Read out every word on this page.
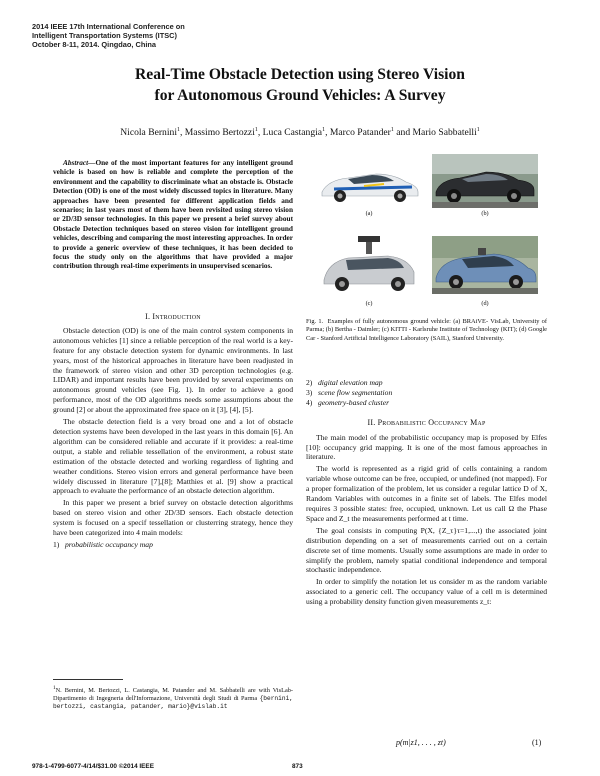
2014 IEEE 17th International Conference on
Intelligent Transportation Systems (ITSC)
October 8-11, 2014. Qingdao, China
Real-Time Obstacle Detection using Stereo Vision
for Autonomous Ground Vehicles: A Survey
Nicola Bernini$^1$, Massimo Bertozzi$^1$, Luca Castangia$^1$, Marco Patander$^1$ and Mario Sabbatelli$^1$

Abstract—One of the most important features for any intelligent ground vehicle is based on how is reliable and complete the perception of the environment and the capability to discriminate what an obstacle is. Obstacle Detection (OD) is one of the most widely discussed topics in literature. Many approaches have been presented for different application fields and scenarios; in last years most of them have been revisited using stereo vision or 2D/3D sensor technologies. In this paper we present a brief survey about Obstacle Detection techniques based on stereo vision for intelligent ground vehicles, describing and comparing the most interesting approaches. In order to provide a generic overview of these techniques, it has been decided to focus the study only on the algorithms that have provided a major contribution through real-time experiments in unsupervised scenarios.

I. Introduction

Obstacle detection (OD) is one of the main control system components in autonomous vehicles [1] since a reliable perception of the real world is a key-feature for any obstacle detection system for dynamic environments. In last years, most of the historical approaches in literature have been readjusted in the framework of stereo vision and other 3D perception technologies (e.g. LIDAR) and important results have been provided by several experiments on autonomous ground vehicles (see Fig. 1). In order to achieve a good performance, most of the OD algorithms needs some assumptions about the ground [2] or about the approximated free space on it [3], [4], [5].

The obstacle detection field is a very broad one and a lot of obstacle detection systems have been developed in the last years in this domain [6]. An algorithm can be considered reliable and accurate if it provides: a real-time output, a stable and reliable tessellation of the environment, a robust state estimation of the obstacle detected and working regardless of lighting and weather conditions. Stereo vision errors and general performance have been widely discussed in literature [7],[8]; Matthies et al. [9] show a practical approach to evaluate the performance of an obstacle detection algorithm.

In this paper we present a brief survey on obstacle detection algorithms based on stereo vision and other 2D/3D sensors. Each obstacle detection system is focused on a specif tessellation or clusterring strategy, hence they have been categorized into 4 main models:

1) probabilistic occupancy map
$^1$N. Bernini, M. Bertozzi, L. Castangia, M. Patander and M. Sabbatelli are with VisLab-Dipartimento di Ingegneria dell'Informazione, Università degli Studi di Parma {bernini, bertozzi, castangia, patander, mario}@vislab.it
(a)	(b)
(c)	(d)
Fig. 1. Examples of fully autonomous ground vehicle: (a) BRAiVE- VisLab, University of Parma; (b) Bertha - Daimler; (c) KITTI - Karlsruhe Institute of Technology (KIT); (d) Google Car - Stanford Artificial Intelligence Laboratory (SAIL), Stanford University.
2) digital elevation map
3) scene flow segmentation
4) geometry-based cluster
II. Probabilistic Occupancy Map

The main model of the probabilistic occupancy map is proposed by Elfes [10]: occupancy grid mapping. It is one of the most famous approaches in literature.

The world is represented as a rigid grid of cells containing a random variable whose outcome can be free, occupied, or undefined (not mapped). For a proper formalization of the problem, let us consider a regular lattice D of X, Random Variables with outcomes in a finite set of labels. The Elfes model requires 3 possible states: free, occupied, unknown. Let us call Ω the Phase Space and Z_t the measurements performed at t time.

The goal consists in computing P(X, {Z_τ}τ=1,...,t) the associated joint distribution depending on a set of measurements carried out on a certain discrete set of time moments. Usually some assumptions are made in order to simplify the problem, namely spatial conditional independence and temporal stochastic independence.

In order to simplify the notation let us consider m as the random variable associated to a generic cell. The occupancy value of a cell m is determined using a probability density function given measurements z_t:

p(m|z1, . . . , zt)	(1)
978-1-4799-6077-4/14/$31.00 ©2014 IEEE	873
